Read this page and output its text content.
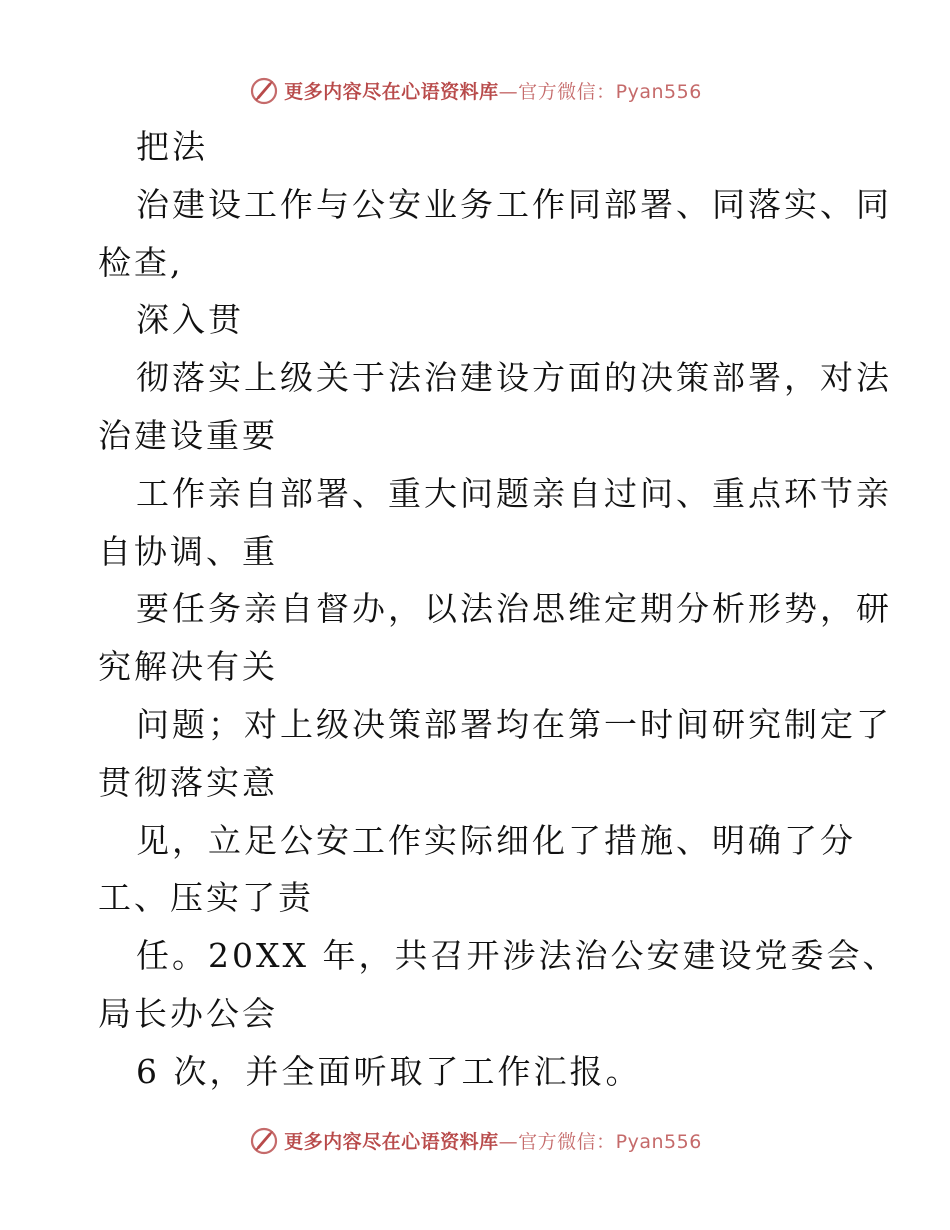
更多内容尽在心语资料库—官方微信：Pyan556
把法
治建设工作与公安业务工作同部署、同落实、同
检查,
深入贯
彻落实上级关于法治建设方面的决策部署，对法
治建设重要
工作亲自部署、重大问题亲自过问、重点环节亲
自协调、重
要任务亲自督办，以法治思维定期分析形势，研
究解决有关
问题；对上级决策部署均在第一时间研究制定了
贯彻落实意
见，立足公安工作实际细化了措施、明确了分
工、压实了责
任。20XX 年，共召开涉法治公安建设党委会、
局长办公会
6 次，并全面听取了工作汇报。
更多内容尽在心语资料库—官方微信：Pyan556
